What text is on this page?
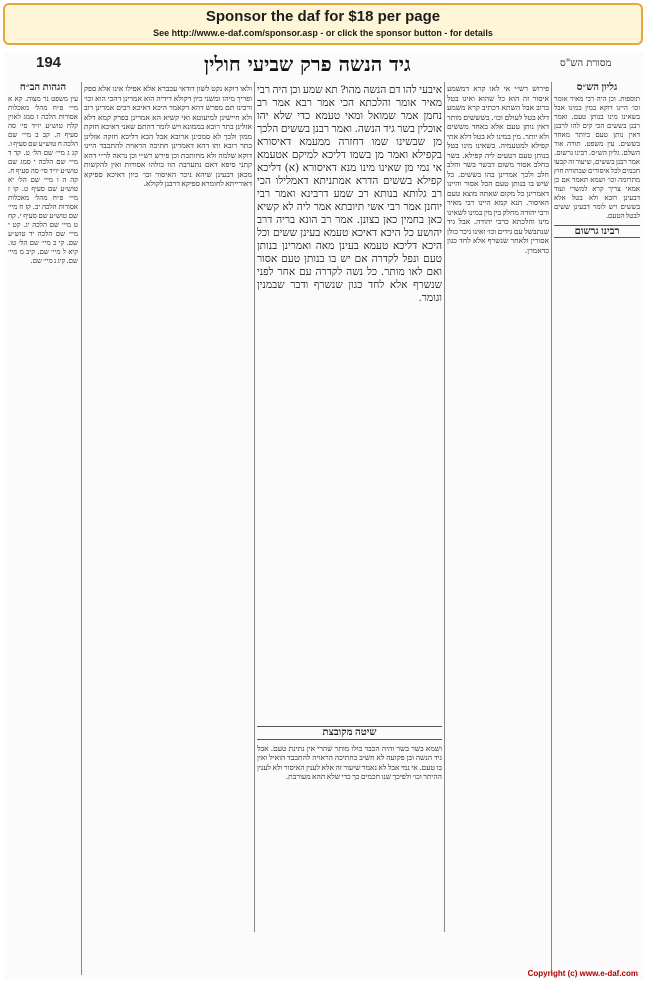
Sponsor the daf for $18 per page
See http://www.e-daf.com/sponsor.asp - or click the sponsor button - for details
194	גיד הנשה פרק שביעי חולין	מסורת הש"ס
הגהות הב״ח
עין משפט נר מצוה. קא א מיי׳ פ״ח מהל׳ מאכלות אסורות הלכה ז סמג לאוין קלח טוש״ע יו״ד סי׳ סה סעיף ה. קב ב מיי׳ שם הלכה ח טוש״ע שם סעיף ו. קג ג מיי׳ שם הל׳ ט. קד ד מיי׳ שם הלכה י סמג שם טוש״ע יו״ד סי׳ סה סעיף ח. קה ה ו מיי׳ שם הל׳ יא טוש״ע שם סעיף ט. קו ז מיי׳ פ״ח מהל׳ מאכלות אסורות הלכה יב. קז ח מיי׳ שם טוש״ע שם סעיף י. קח ט מיי׳ שם הלכה יג. קט י מיי׳ שם הלכה יד טוש״ע שם. קי כ מיי׳ שם הל׳ טו. קיא ל מיי׳ שם. קיב מ מיי׳ שם. קיג נ מיי׳ שם.
ולאו דוקא נקט לשון דודאי עכברא אלא אפילו אינו אלא ספק ופריך מיהו ומשני כיון דקולא דידיה הוא אמרינן דהכי הוא וכו׳ ורבינו תם מפרש דהא דקאמר היכא דאיכא רבים אמרינן רוב ולא חיישינן למיעוטא ואי קשיא הא אמרינן בפרק קמא דלא אזלינן בתר רובא בממונא ויש לומר דהתם שאני דאיכא חזקת ממון ולכך לא סמכינן ארובא אבל הכא דליכא חזקה אזלינן בתר רובא ותו דהא דאמרינן חתיכה הראויה להתכבד היינו דוקא שלמה ולא מחותכת וכן פירש רש״י וכן נראה לר״י דהא קתני סיפא דאם נתערבה הוו כולהו אסורות ואין להקשות מכאן דבעינן שיהא ניכר האיסור וכו׳ כיון דאיכא ספיקא דאורייתא לחומרא ספיקא דרבנן לקולא.
איבעי להו דם הנשה מהו? תא שמע וכן היה רבי מאיר אומר והלכתא הכי אמר רבא אמר רב נחמן אמר שמואל ומאי טעמא כדי שלא יהו אוכלין בשר גיד הנשה. ואמר רבנן בששים הלכך מן שבשינו שמו דחזרה ממעמא דאיסורא בקפילא ואמר מן בשמו דליכא למיקם אטעמא אי נמי מן שאינו מינו מנא דאיסורא (א) דליכא קפילא בששים הדרא אמתניתא דאמלילו הכי רב גלותא בנותא רב שמע דרבינא ואמר רבי יוחנן אמר רבי אשי תיובתא אמר ליה לא קשיא כאן בחמין כאן בצונן. אמר רב הונא בריה דרב יהושע כל היכא דאיכא טעמא בעינן ששים וכל היכא דליכא טעמא בעינן מאה ואמרינן בנותן טעם ונפל לקדרה אם יש בו בנותן טעם אסור ואם לאו מותר. כל נשה לקדרה עם אחר לפני שנשרף אלא לחד כגון שנשרף ודבר שבמנין וגומר.
שיטה מקובצת
ושמא בשר בשר והיה הכבד כולו מותר שהרי אין נתינת טעם. אבל גיד הנשה ובן פקועה לא חשיב כחתיכה הראויה להתכבד הואיל ואין בו טעם. אי נמי אבל לא נאמר שיעור זה אלא לענין האיסור ולא לענין ההיתר וכו׳ ולפיכך שנו חכמים כך כדי שלא תהא מעורבת.
פירוש רש״י אי לאו קרא דמשמע איסור זה הוא כל שהוא ואינו בטל ברוב אבל השתא דכתיב קרא משמע דלא בטל לעולם וכו׳. בשששים מותר דאין נותן טעם אלא באחד מששים ולא יותר. מין במינו לא בטל דלא אתי קפילא למטעמיה. בשאינו מינו בטל בנותן טעם דטעים ליה קפילא. בשר בחלב אסור משום דבשר בשר וחלב חלב ולכך אמרינן בהו בששים. כל שיש בו בנותן טעם הכל אסור והיינו דאמרינן כל מקום שאתה מוצא טעם האיסור. תנא קמא היינו רבי מאיר ורבי יהודה מחלק בין מין במינו לשאינו מינו והלכתא כרבי יהודה. אבל גיד שנתבשל עם גידים וכו׳ ואינו ניכר כולן אסורין ולאחר שנשרף אלא לחד כגון כדאמרן.
גליון הש״ס
תוספות. וכן היה רבי מאיר אומר וכו׳ היינו דוקא במין במינו אבל בשאינו מינו בנותן טעם. ואמר רבנן בששים הכי קים להו לרבנן דאין נותן טעם ביותר מאחד בששים. עין משפט. תורה אור השלם. גליון הש״ס. רבינו גרשום. אמר רבנן בששים, שיעור זה קבעו חכמים לכל איסורים שבתורה חוץ מתרומה וכו׳ ושמא תאמר אם כן אמאי צריך קרא למשרי ועוד דבעינן רובא ולא בטל אלא בששים ויש לומר דבעינן ששים לבטל הטעם.
רבינו גרשום
Copyright (c) www.e-daf.com
